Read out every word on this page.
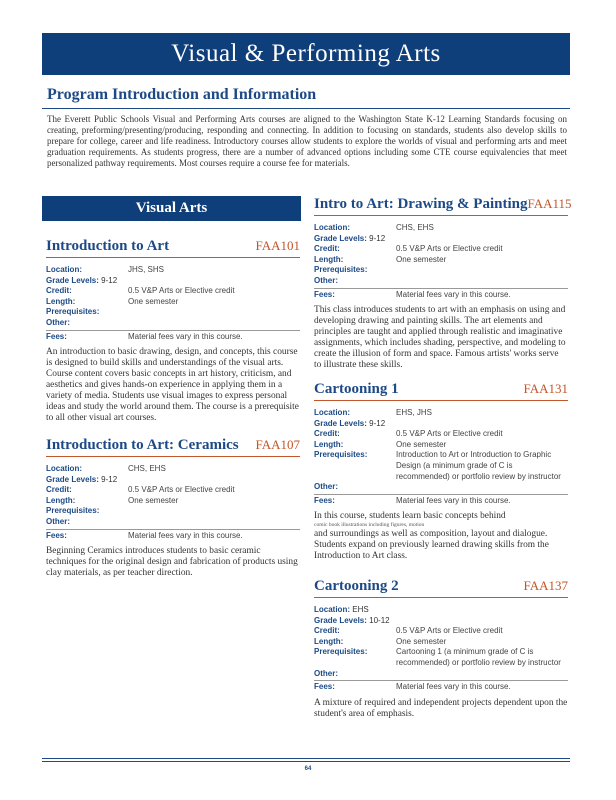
Visual & Performing Arts
Program Introduction and Information
The Everett Public Schools Visual and Performing Arts courses are aligned to the Washington State K-12 Learning Standards focusing on creating, preforming/presenting/producing, responding and connecting. In addition to focusing on standards, students also develop skills to prepare for college, career and life readiness. Introductory courses allow students to explore the worlds of visual and performing arts and meet graduation requirements. As students progress, there are a number of advanced options including some CTE course equivalencies that meet personalized pathway requirements. Most courses require a course fee for materials.
Visual Arts
Introduction to Art	FAA101
Location:	JHS, SHS
Grade Levels: 9-12
Credit:	0.5 V&P Arts or Elective credit
Length:	One semester
Prerequisites:
Other:
Fees:	Material fees vary in this course.
An introduction to basic drawing, design, and concepts, this course is designed to build skills and understandings of the visual arts. Course content covers basic concepts in art history, criticism, and aesthetics and gives hands-on experience in applying them in a variety of media. Students use visual images to express personal ideas and study the world around them. The course is a prerequisite to all other visual art courses.
Introduction to Art: Ceramics FAA107
Location:	CHS, EHS
Grade Levels: 9-12
Credit:	0.5 V&P Arts or Elective credit
Length:	One semester
Prerequisites:
Other:
Fees:	Material fees vary in this course.
Beginning Ceramics introduces students to basic ceramic techniques for the original design and fabrication of products using clay materials, as per teacher direction.
Intro to Art: Drawing & Painting FAA115
Location:	CHS, EHS
Grade Levels: 9-12
Credit:	0.5 V&P Arts or Elective credit
Length:	One semester
Prerequisites:
Other:
Fees:	Material fees vary in this course.
This class introduces students to art with an emphasis on using and developing drawing and painting skills. The art elements and principles are taught and applied through realistic and imaginative assignments, which includes shading, perspective, and modeling to create the illusion of form and space. Famous artists' works serve to illustrate these skills.
Cartooning 1	FAA131
Location:	EHS, JHS
Grade Levels: 9-12
Credit:	0.5 V&P Arts or Elective credit
Length:	One semester
Prerequisites:	Introduction to Art or Introduction to Graphic Design (a minimum grade of C is recommended) or portfolio review by instructor
Other:
Fees:	Material fees vary in this course.
In this course, students learn basic concepts behind
comic book illustrations including figures, motion
and surroundings as well as composition, layout and dialogue. Students expand on previously learned drawing skills from the Introduction to Art class.
Cartooning 2	FAA137
Location: EHS
Grade Levels: 10-12
Credit:	0.5 V&P Arts or Elective credit
Length:	One semester
Prerequisites:	Cartooning 1 (a minimum grade of C is recommended) or portfolio review by instructor
Other:
Fees:	Material fees vary in this course.
A mixture of required and independent projects dependent upon the student's area of emphasis.
64
